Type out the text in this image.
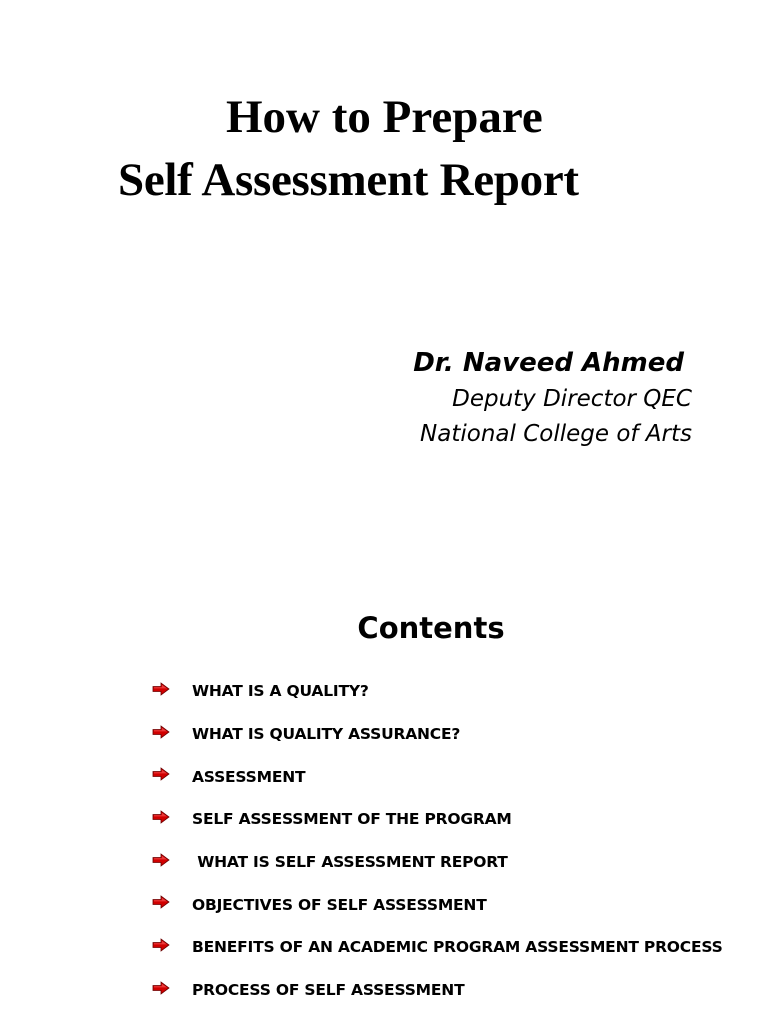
How to Prepare
Self Assessment Report
Dr. Naveed Ahmed
Deputy Director QEC
National College of Arts
Contents
WHAT IS A QUALITY?
WHAT IS QUALITY ASSURANCE?
ASSESSMENT
SELF ASSESSMENT OF THE PROGRAM
WHAT IS SELF ASSESSMENT REPORT
OBJECTIVES OF SELF ASSESSMENT
BENEFITS OF AN ACADEMIC PROGRAM ASSESSMENT PROCESS
PROCESS OF SELF ASSESSMENT
